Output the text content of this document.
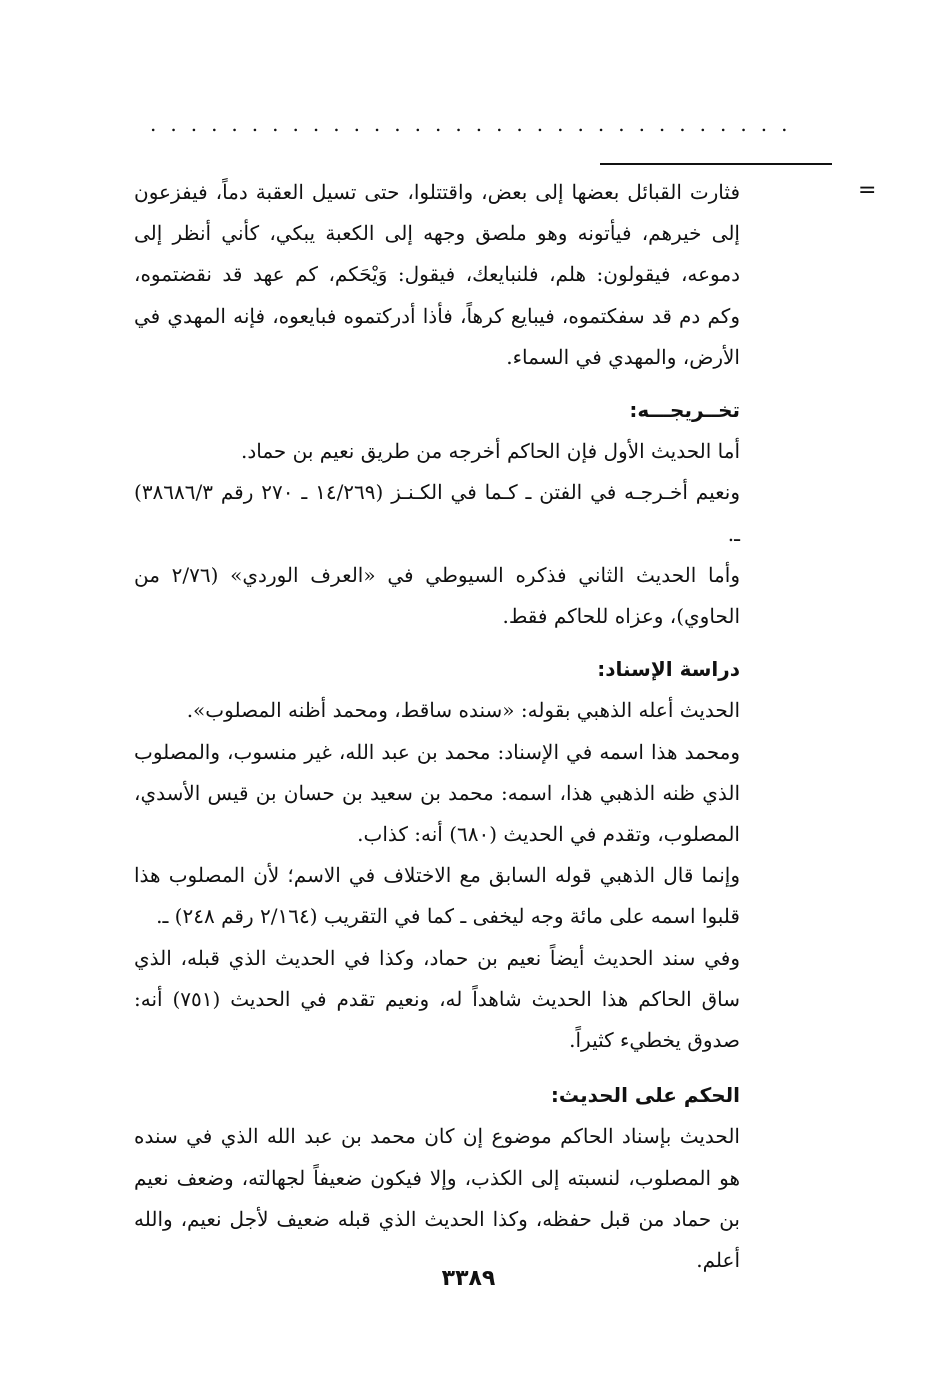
................................
=

فثارت القبائل بعضها إلى بعض، واقتتلوا، حتى تسيل العقبة دماً، فيفزعون إلى خيرهم، فيأتونه وهو ملصق وجهه إلى الكعبة يبكي، كأني أنظر إلى دموعه، فيقولون: هلم، فلنبايعك، فيقول: وَيْحَكم، كم عهد قد نقضتموه، وكم دم قد سفكتموه، فيبايع كرهاً، فأذا أدركتموه فبايعوه، فإنه المهدي في الأرض، والمهدي في السماء.

تخــريجـــه:

أما الحديث الأول فإن الحاكم أخرجه من طريق نعيم بن حماد.

ونعيم أخـرجـه في الفتن ـ كـما في الكـنـز (١٤/٢٦٩ ـ ٢٧٠ رقم ٣٨٦٨٦/٣) ـ.

وأما الحديث الثاني فذكره السيوطي في «العرف الوردي» (٢/٧٦ من الحاوي)، وعزاه للحاكم فقط.

دراسة الإسناد:

الحديث أعله الذهبي بقوله: «سنده ساقط، ومحمد أظنه المصلوب».

ومحمد هذا اسمه في الإسناد: محمد بن عبد الله، غير منسوب، والمصلوب الذي ظنه الذهبي هذا، اسمه: محمد بن سعيد بن حسان بن قيس الأسدي، المصلوب، وتقدم في الحديث (٦٨٠) أنه: كذاب.

وإنما قال الذهبي قوله السابق مع الاختلاف في الاسم؛ لأن المصلوب هذا قلبوا اسمه على مائة وجه ليخفى ـ كما في التقريب (٢/١٦٤ رقم ٢٤٨) ـ.

وفي سند الحديث أيضاً نعيم بن حماد، وكذا في الحديث الذي قبله، الذي ساق الحاكم هذا الحديث شاهداً له، ونعيم تقدم في الحديث (٧٥١) أنه: صدوق يخطيء كثيراً.

الحكم على الحديث:

الحديث بإسناد الحاكم موضوع إن كان محمد بن عبد الله الذي في سنده هو المصلوب، لنسبته إلى الكذب، وإلا فيكون ضعيفاً لجهالته، وضعف نعيم بن حماد من قبل حفظه، وكذا الحديث الذي قبله ضعيف لأجل نعيم، والله أعلم.

٣٣٨٩
